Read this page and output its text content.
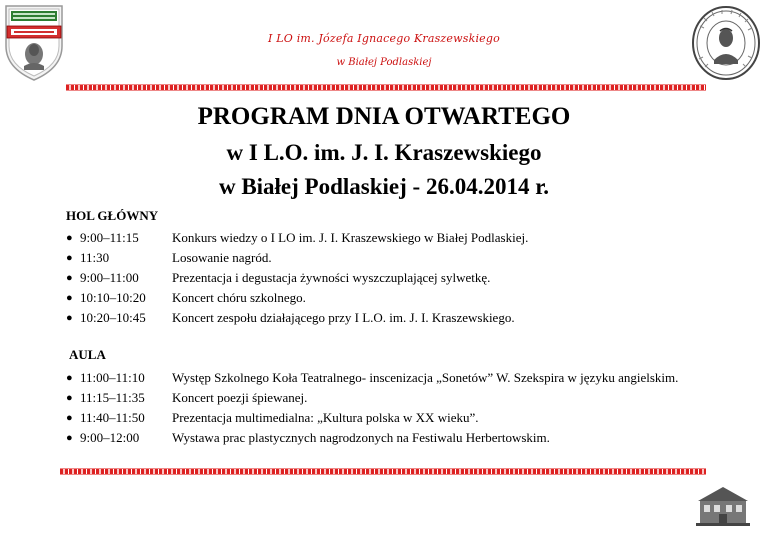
I LO im. Józefa Ignacego Kraszewskiego

w Białej Podlaskiej

PROGRAM DNIA OTWARTEGO
w I L.O. im. J. I. Kraszewskiego
w Białej Podlaskiej - 26.04.2014 r.

HOL GŁÓWNY

● 9:00–11:15	Konkurs wiedzy o I LO im. J. I. Kraszewskiego w Białej Podlaskiej.
● 11:30	Losowanie nagród.
● 9:00–11:00	Prezentacja i degustacja żywności wyszczuplającej sylwetkę.
● 10:10–10:20	Koncert chóru szkolnego.
● 10:20–10:45	Koncert zespołu działającego przy I L.O. im. J. I. Kraszewskiego.

AULA

● 11:00–11:10	Występ Szkolnego Koła Teatralnego- inscenizacja „Sonetów” W. Szekspira w języku angielskim.
● 11:15–11:35	Koncert poezji śpiewanej.
● 11:40–11:50	Prezentacja multimedialna: „Kultura polska w XX wieku”.
● 9:00–12:00	Wystawa prac plastycznych nagrodzonych na Festiwalu Herbertowskim.
